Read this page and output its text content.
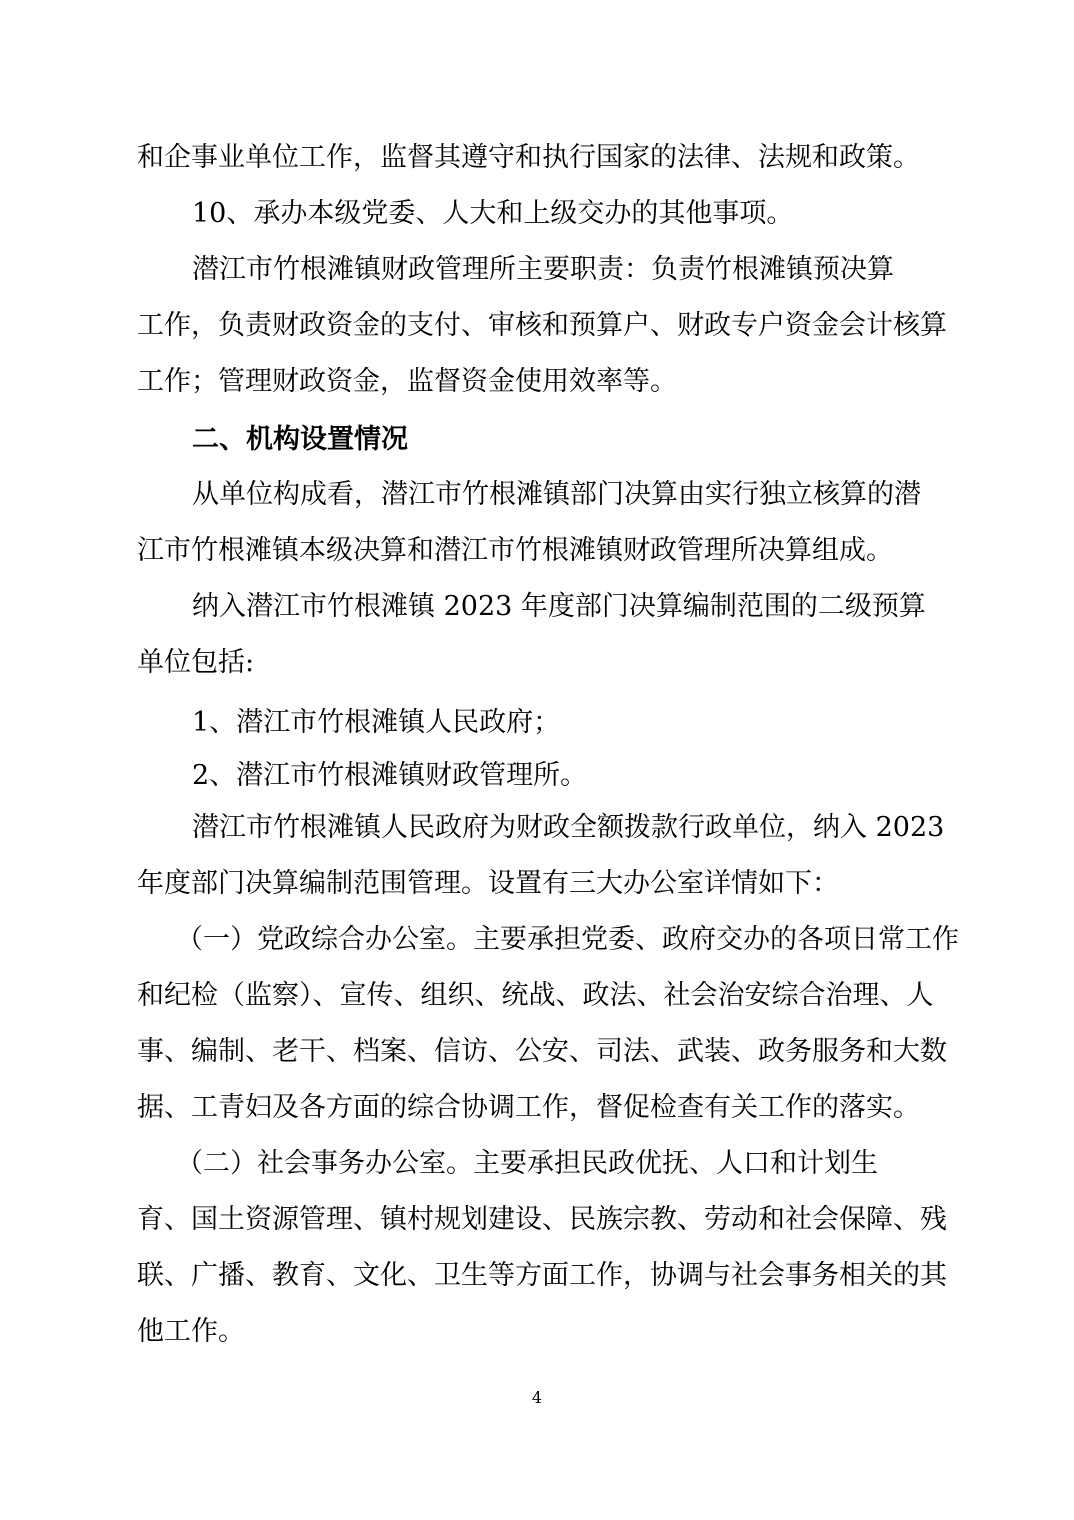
和企事业单位工作，监督其遵守和执行国家的法律、法规和政策。
10、承办本级党委、人大和上级交办的其他事项。
潜江市竹根滩镇财政管理所主要职责：负责竹根滩镇预决算
工作，负责财政资金的支付、审核和预算户、财政专户资金会计核算
工作；管理财政资金，监督资金使用效率等。
二、机构设置情况
从单位构成看，潜江市竹根滩镇部门决算由实行独立核算的潜
江市竹根滩镇本级决算和潜江市竹根滩镇财政管理所决算组成。
纳入潜江市竹根滩镇 2023 年度部门决算编制范围的二级预算
单位包括:
1、潜江市竹根滩镇人民政府；
2、潜江市竹根滩镇财政管理所。
潜江市竹根滩镇人民政府为财政全额拨款行政单位，纳入 2023
年度部门决算编制范围管理。设置有三大办公室详情如下：
（一）党政综合办公室。主要承担党委、政府交办的各项日常工作
和纪检（监察）、宣传、组织、统战、政法、社会治安综合治理、人
事、编制、老干、档案、信访、公安、司法、武装、政务服务和大数
据、工青妇及各方面的综合协调工作，督促检查有关工作的落实。
（二）社会事务办公室。主要承担民政优抚、人口和计划生
育、国土资源管理、镇村规划建设、民族宗教、劳动和社会保障、残
联、广播、教育、文化、卫生等方面工作，协调与社会事务相关的其
他工作。
4
